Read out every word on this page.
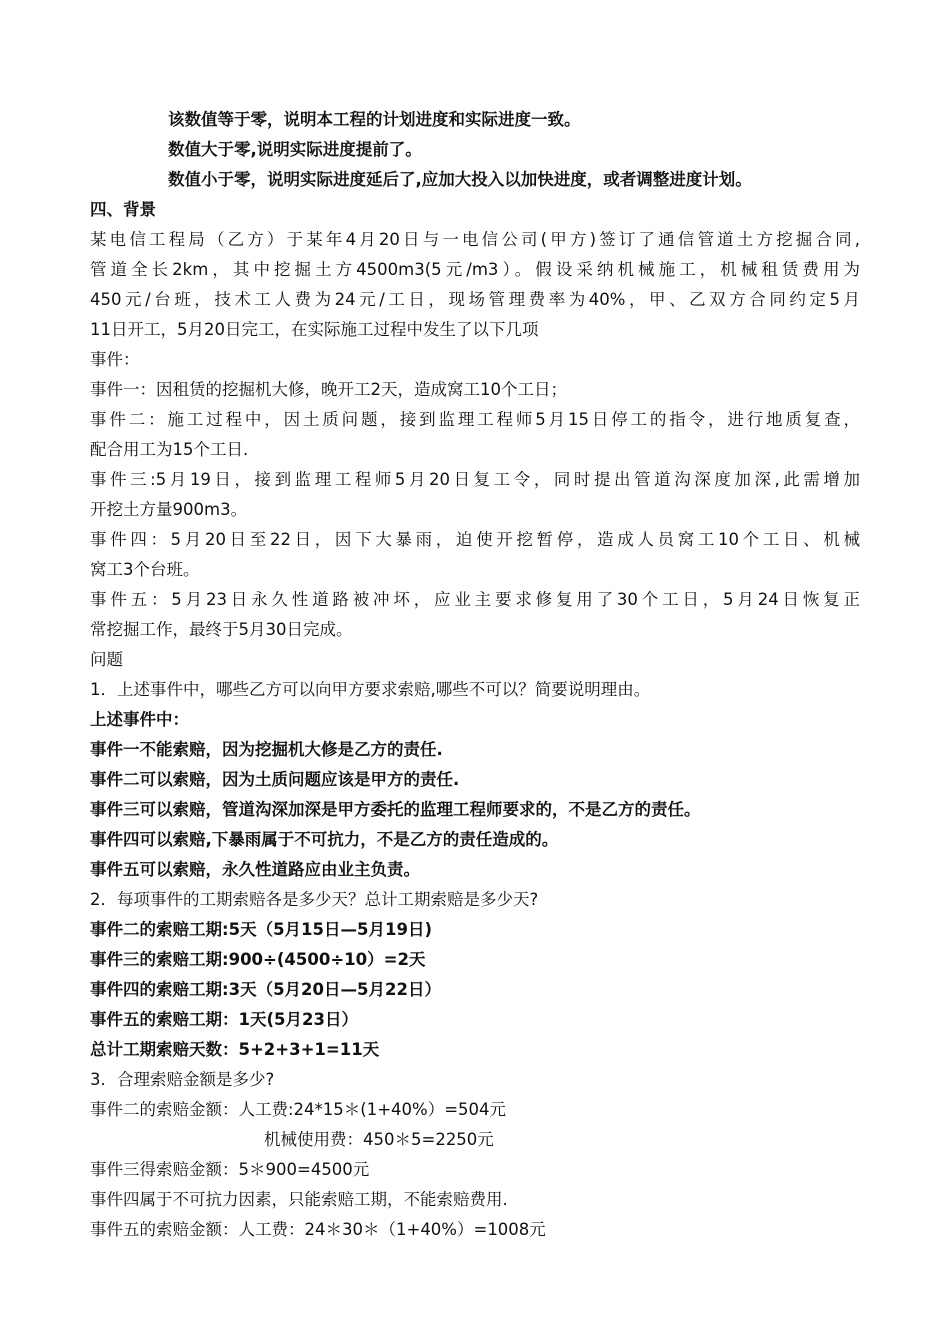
该数值等于零，说明本工程的计划进度和实际进度一致。
数值大于零,说明实际进度提前了。
数值小于零，说明实际进度延后了,应加大投入以加快进度，或者调整进度计划。
四、背景
某电信工程局（乙方）于某年4月20日与一电信公司(甲方)签订了通信管道土方挖掘合同,
管道全长2km，其中挖掘土方4500m3(5元/m3）。假设采纳机械施工，机械租赁费用为
450元/台班，技术工人费为24元/工日，现场管理费率为40%，甲、乙双方合同约定5月
11日开工，5月20日完工，在实际施工过程中发生了以下几项
事件：
事件一：因租赁的挖掘机大修，晚开工2天，造成窝工10个工日；
事件二：施工过程中，因土质问题，接到监理工程师5月15日停工的指令，进行地质复查，
配合用工为15个工日.
事件三:5月19日，接到监理工程师5月20日复工令，同时提出管道沟深度加深,此需增加
开挖土方量900m3。
事件四：5月20日至22日，因下大暴雨，迫使开挖暂停，造成人员窝工10个工日、机械
窝工3个台班。
事件五：5月23日永久性道路被冲坏，应业主要求修复用了30个工日，5月24日恢复正
常挖掘工作，最终于5月30日完成。
问题
1．上述事件中，哪些乙方可以向甲方要求索赔,哪些不可以？简要说明理由。
上述事件中：
事件一不能索赔，因为挖掘机大修是乙方的责任.
事件二可以索赔，因为土质问题应该是甲方的责任.
事件三可以索赔，管道沟深加深是甲方委托的监理工程师要求的，不是乙方的责任。
事件四可以索赔,下暴雨属于不可抗力，不是乙方的责任造成的。
事件五可以索赔，永久性道路应由业主负责。
2．每项事件的工期索赔各是多少天？总计工期索赔是多少天?
事件二的索赔工期:5天（5月15日—5月19日)
事件三的索赔工期:900÷(4500÷10）=2天
事件四的索赔工期:3天（5月20日—5月22日）
事件五的索赔工期：1天(5月23日）
总计工期索赔天数：5+2+3+1=11天
3．合理索赔金额是多少?
事件二的索赔金额：人工费:24*15＊(1+40%）=504元
机械使用费：450＊5=2250元
事件三得索赔金额：5＊900=4500元
事件四属于不可抗力因素，只能索赔工期，不能索赔费用.
事件五的索赔金额：人工费：24＊30＊（1+40%）=1008元
